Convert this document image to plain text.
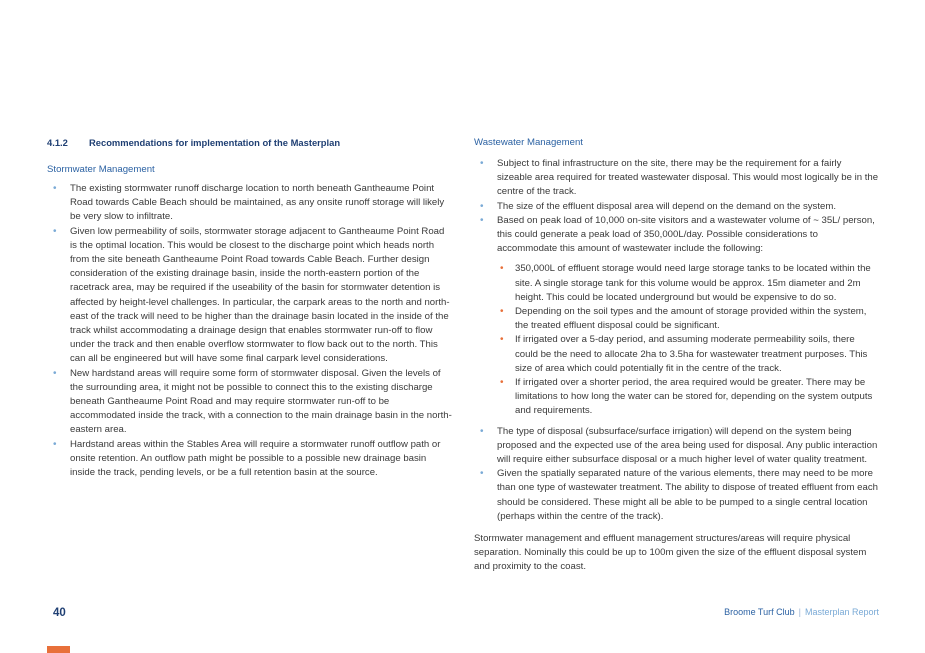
4.1.2 Recommendations for implementation of the Masterplan
Stormwater Management
• The existing stormwater runoff discharge location to north beneath Gantheaume Point Road towards Cable Beach should be maintained, as any onsite runoff storage will likely be very slow to infiltrate.
• Given low permeability of soils, stormwater storage adjacent to Gantheaume Point Road is the optimal location. This would be closest to the discharge point which heads north from the site beneath Gantheaume Point Road towards Cable Beach. Further design consideration of the existing drainage basin, inside the north-eastern portion of the racetrack area, may be required if the useability of the basin for stormwater detention is affected by height-level challenges. In particular, the carpark areas to the north and north-east of the track will need to be higher than the drainage basin located in the inside of the track whilst accommodating a drainage design that enables stormwater run-off to flow under the track and then enable overflow stormwater to flow back out to the north. This can all be engineered but will have some final carpark level considerations.
• New hardstand areas will require some form of stormwater disposal. Given the levels of the surrounding area, it might not be possible to connect this to the existing discharge beneath Gantheaume Point Road and may require stormwater run-off to be accommodated inside the track, with a connection to the main drainage basin in the north-eastern area.
• Hardstand areas within the Stables Area will require a stormwater runoff outflow path or onsite retention. An outflow path might be possible to a possible new drainage basin inside the track, pending levels, or be a full retention basin at the source.
Wastewater Management
• Subject to final infrastructure on the site, there may be the requirement for a fairly sizeable area required for treated wastewater disposal. This would most logically be in the centre of the track.
• The size of the effluent disposal area will depend on the demand on the system.
• Based on peak load of 10,000 on-site visitors and a wastewater volume of ~ 35L/ person, this could generate a peak load of 350,000L/day. Possible considerations to accommodate this amount of wastewater include the following:
• 350,000L of effluent storage would need large storage tanks to be located within the site. A single storage tank for this volume would be approx. 15m diameter and 2m height. This could be located underground but would be expensive to do so.
• Depending on the soil types and the amount of storage provided within the system, the treated effluent disposal could be significant.
• If irrigated over a 5-day period, and assuming moderate permeability soils, there could be the need to allocate 2ha to 3.5ha for wastewater treatment purposes. This size of area which could potentially fit in the centre of the track.
• If irrigated over a shorter period, the area required would be greater. There may be limitations to how long the water can be stored for, depending on the system outputs and requirements.
• The type of disposal (subsurface/surface irrigation) will depend on the system being proposed and the expected use of the area being used for disposal. Any public interaction will require either subsurface disposal or a much higher level of water quality treatment.
• Given the spatially separated nature of the various elements, there may need to be more than one type of wastewater treatment. The ability to dispose of treated effluent from each should be considered. These might all be able to be pumped to a single central location (perhaps within the centre of the track).

Stormwater management and effluent management structures/areas will require physical separation. Nominally this could be up to 100m given the size of the effluent disposal system and proximity to the coast.

40	Broome Turf Club | Masterplan Report
